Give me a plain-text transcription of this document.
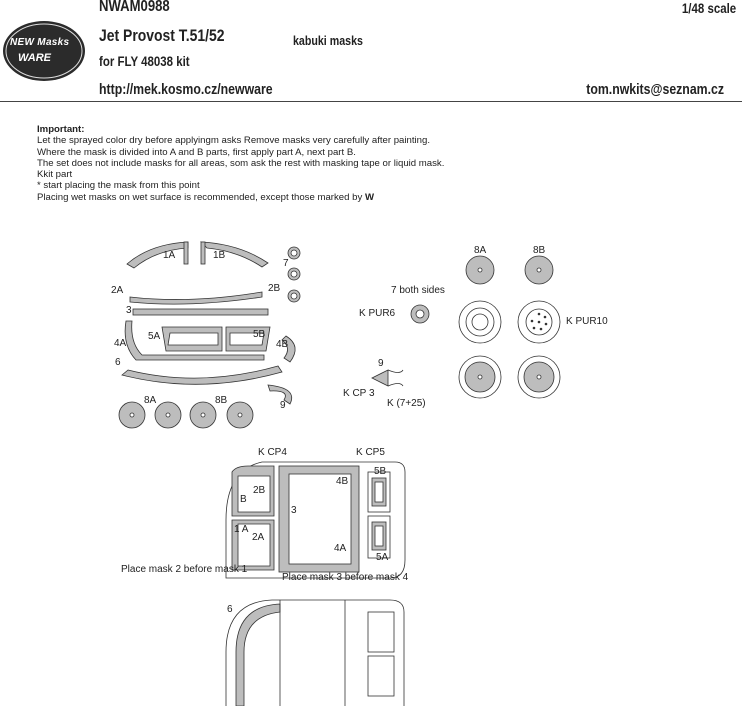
NEW Masks
WARE
NWAM0988	1/48 scale
Jet Provost T.51/52	kabuki masks
for FLY 48038 kit
http://mek.kosmo.cz/newware	tom.nwkits@seznam.cz
Important:
Let the sprayed color dry before applyingm asks Remove masks very carefully after painting.
Where the mask is divided into A and B parts, first apply part A, next part B.
The set does not include masks for all areas, som ask the rest with masking tape or liquid mask.
Kkit part
* start placing the mask from this point
Placing wet masks on wet surface is recommended, except those marked by W
1A	1B
7
2A	2B
3
5A	5B
4A	4B
6
8A	8B	9
8A	8B
7 both sides
K PUR6
K PUR10
9
K CP 3
K (7+25)
K CP4	K CP5
2B
B
1 A
2A
3
4B
4A
5B
5A
6
Place mask 2 before mask 1
Place mask 3 before mask 4
